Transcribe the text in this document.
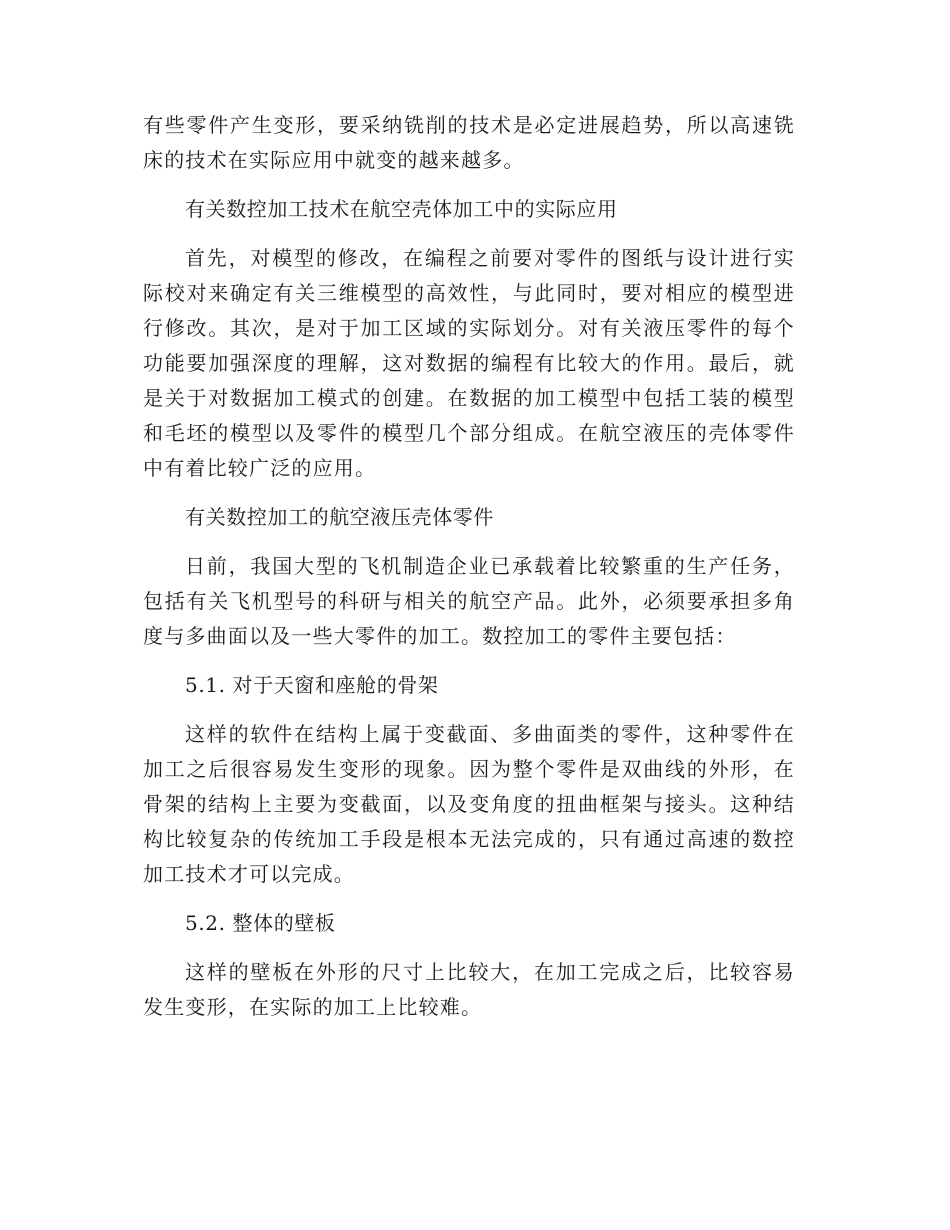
有些零件产生变形，要采纳铣削的技术是必定进展趋势，所以高速铣床的技术在实际应用中就变的越来越多。

有关数控加工技术在航空壳体加工中的实际应用

首先，对模型的修改，在编程之前要对零件的图纸与设计进行实际校对来确定有关三维模型的高效性，与此同时，要对相应的模型进行修改。其次，是对于加工区域的实际划分。对有关液压零件的每个功能要加强深度的理解，这对数据的编程有比较大的作用。最后，就是关于对数据加工模式的创建。在数据的加工模型中包括工装的模型和毛坯的模型以及零件的模型几个部分组成。在航空液压的壳体零件中有着比较广泛的应用。

有关数控加工的航空液压壳体零件

日前，我国大型的飞机制造企业已承载着比较繁重的生产任务，包括有关飞机型号的科研与相关的航空产品。此外，必须要承担多角度与多曲面以及一些大零件的加工。数控加工的零件主要包括：

5.1. 对于天窗和座舱的骨架

这样的软件在结构上属于变截面、多曲面类的零件，这种零件在加工之后很容易发生变形的现象。因为整个零件是双曲线的外形，在骨架的结构上主要为变截面，以及变角度的扭曲框架与接头。这种结构比较复杂的传统加工手段是根本无法完成的，只有通过高速的数控加工技术才可以完成。

5.2. 整体的壁板

这样的壁板在外形的尺寸上比较大，在加工完成之后，比较容易发生变形，在实际的加工上比较难。
